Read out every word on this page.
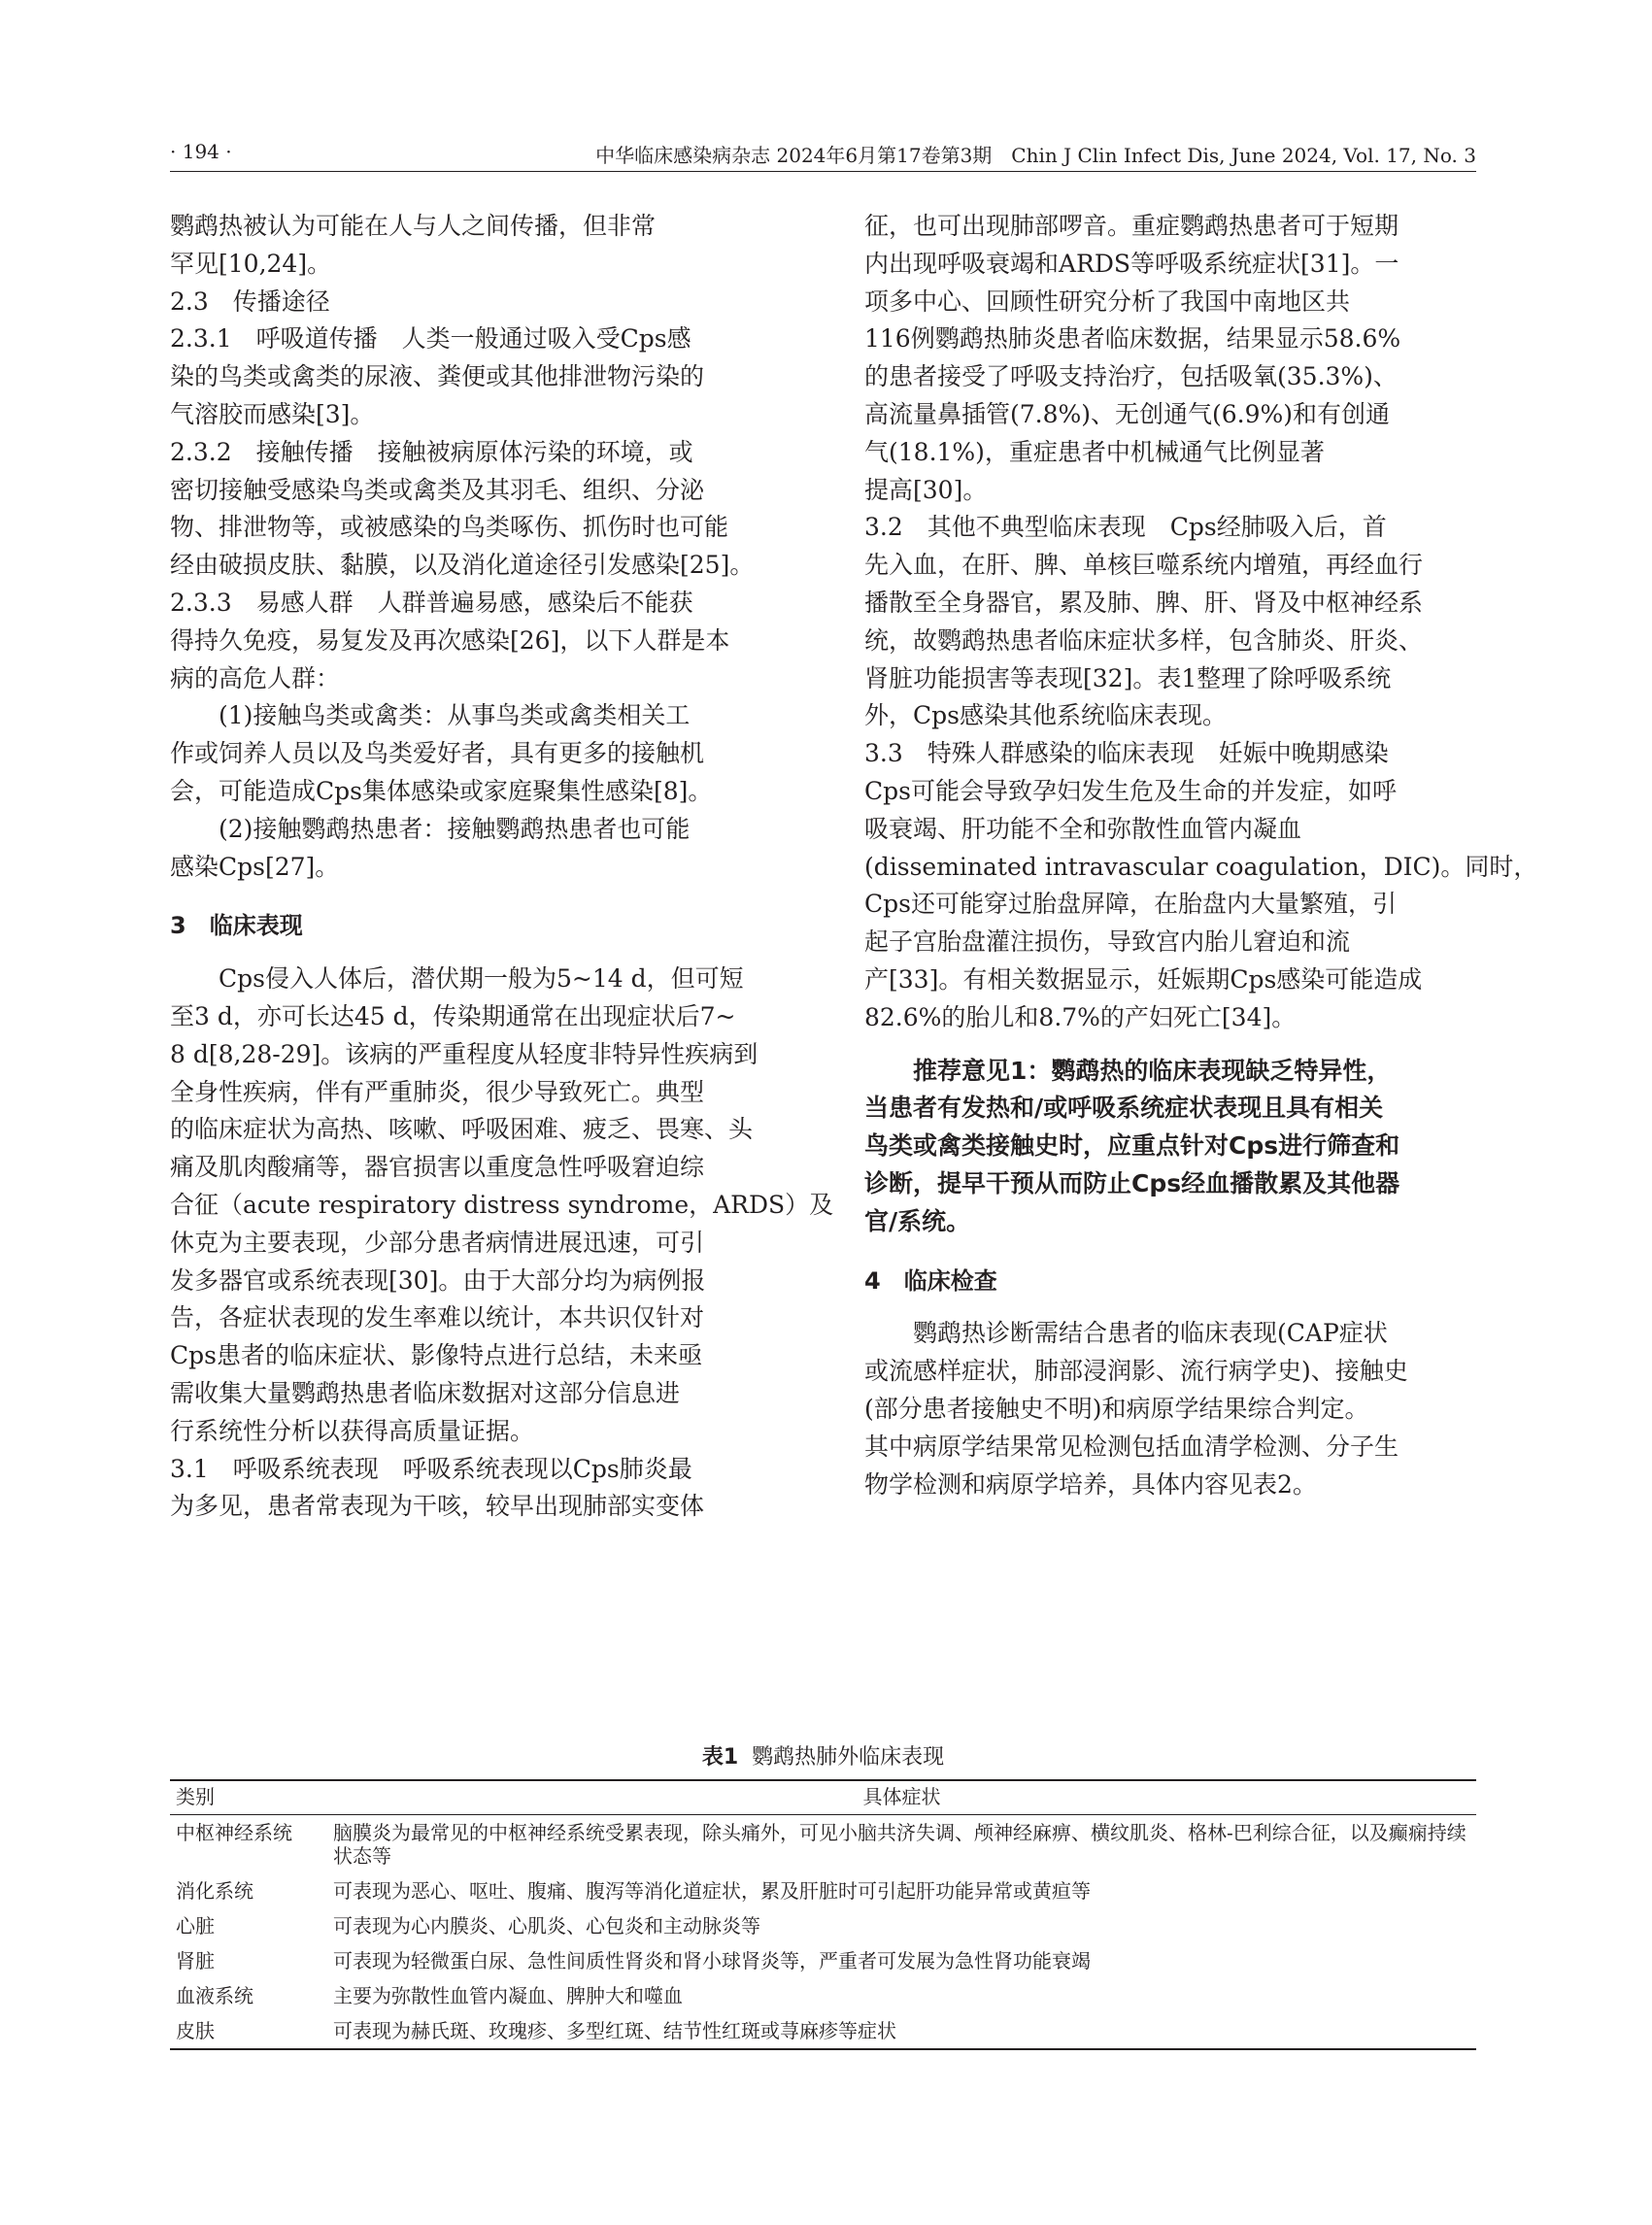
· 194 ·	中华临床感染病杂志 2024年6月第17卷第3期　Chin J Clin Infect Dis, June 2024, Vol. 17, No. 3
鹦鹉热被认为可能在人与人之间传播，但非常
罕见[10,24]。
2.3　传播途径
2.3.1　呼吸道传播　人类一般通过吸入受Cps感
染的鸟类或禽类的尿液、粪便或其他排泄物污染的
气溶胶而感染[3]。
2.3.2　接触传播　接触被病原体污染的环境，或
密切接触受感染鸟类或禽类及其羽毛、组织、分泌
物、排泄物等，或被感染的鸟类啄伤、抓伤时也可能
经由破损皮肤、黏膜，以及消化道途径引发感染[25]。
2.3.3　易感人群　人群普遍易感，感染后不能获
得持久免疫，易复发及再次感染[26]，以下人群是本
病的高危人群：
　　(1)接触鸟类或禽类：从事鸟类或禽类相关工
作或饲养人员以及鸟类爱好者，具有更多的接触机
会，可能造成Cps集体感染或家庭聚集性感染[8]。
　　(2)接触鹦鹉热患者：接触鹦鹉热患者也可能
感染Cps[27]。
3　临床表现
　　Cps侵入人体后，潜伏期一般为5~14 d，但可短
至3 d，亦可长达45 d，传染期通常在出现症状后7~
8 d[8,28-29]。该病的严重程度从轻度非特异性疾病到
全身性疾病，伴有严重肺炎，很少导致死亡。典型
的临床症状为高热、咳嗽、呼吸困难、疲乏、畏寒、头
痛及肌肉酸痛等，器官损害以重度急性呼吸窘迫综
合征（acute respiratory distress syndrome，ARDS）及
休克为主要表现，少部分患者病情进展迅速，可引
发多器官或系统表现[30]。由于大部分均为病例报
告，各症状表现的发生率难以统计，本共识仅针对
Cps患者的临床症状、影像特点进行总结，未来亟
需收集大量鹦鹉热患者临床数据对这部分信息进
行系统性分析以获得高质量证据。
3.1　呼吸系统表现　呼吸系统表现以Cps肺炎最
为多见，患者常表现为干咳，较早出现肺部实变体
征，也可出现肺部啰音。重症鹦鹉热患者可于短期
内出现呼吸衰竭和ARDS等呼吸系统症状[31]。一
项多中心、回顾性研究分析了我国中南地区共
116例鹦鹉热肺炎患者临床数据，结果显示58.6%
的患者接受了呼吸支持治疗，包括吸氧(35.3%)、
高流量鼻插管(7.8%)、无创通气(6.9%)和有创通
气(18.1%)，重症患者中机械通气比例显著
提高[30]。
3.2　其他不典型临床表现　Cps经肺吸入后，首
先入血，在肝、脾、单核巨噬系统内增殖，再经血行
播散至全身器官，累及肺、脾、肝、肾及中枢神经系
统，故鹦鹉热患者临床症状多样，包含肺炎、肝炎、
肾脏功能损害等表现[32]。表1整理了除呼吸系统
外，Cps感染其他系统临床表现。
3.3　特殊人群感染的临床表现　妊娠中晚期感染
Cps可能会导致孕妇发生危及生命的并发症，如呼
吸衰竭、肝功能不全和弥散性血管内凝血
(disseminated intravascular coagulation，DIC)。同时，
Cps还可能穿过胎盘屏障，在胎盘内大量繁殖，引
起子宫胎盘灌注损伤，导致宫内胎儿窘迫和流
产[33]。有相关数据显示，妊娠期Cps感染可能造成
82.6%的胎儿和8.7%的产妇死亡[34]。
　　推荐意见1：鹦鹉热的临床表现缺乏特异性，
当患者有发热和/或呼吸系统症状表现且具有相关
鸟类或禽类接触史时，应重点针对Cps进行筛查和
诊断，提早干预从而防止Cps经血播散累及其他器
官/系统。
4　临床检查
　　鹦鹉热诊断需结合患者的临床表现(CAP症状
或流感样症状，肺部浸润影、流行病学史)、接触史
(部分患者接触史不明)和病原学结果综合判定。
其中病原学结果常见检测包括血清学检测、分子生
物学检测和病原学培养，具体内容见表2。
表1 鹦鹉热肺外临床表现
类别	具体症状
中枢神经系统	脑膜炎为最常见的中枢神经系统受累表现，除头痛外，可见小脑共济失调、颅神经麻痹、横纹肌炎、格林-巴利综合征，以及癫痫持续状态等
消化系统	可表现为恶心、呕吐、腹痛、腹泻等消化道症状，累及肝脏时可引起肝功能异常或黄疸等
心脏	可表现为心内膜炎、心肌炎、心包炎和主动脉炎等
肾脏	可表现为轻微蛋白尿、急性间质性肾炎和肾小球肾炎等，严重者可发展为急性肾功能衰竭
血液系统	主要为弥散性血管内凝血、脾肿大和噬血
皮肤	可表现为赫氏斑、玫瑰疹、多型红斑、结节性红斑或荨麻疹等症状
